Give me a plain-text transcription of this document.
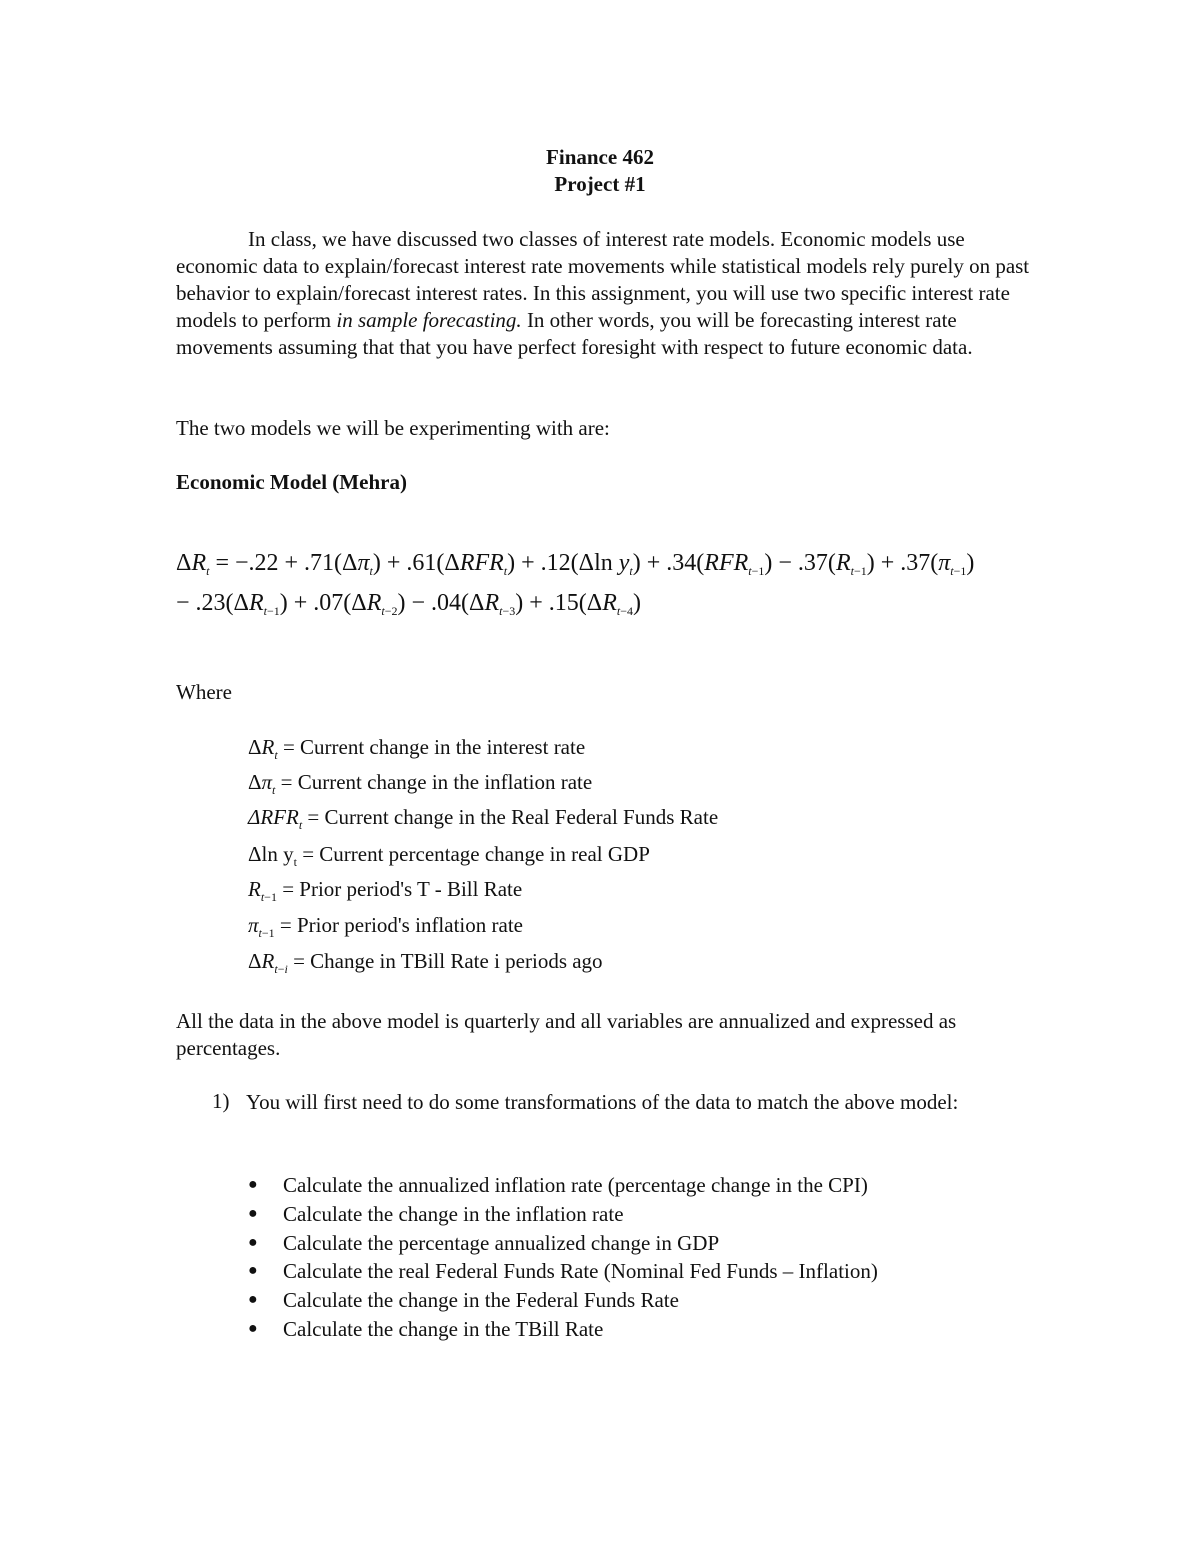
Finance 462
Project #1
In class, we have discussed two classes of interest rate models. Economic models use economic data to explain/forecast interest rate movements while statistical models rely purely on past behavior to explain/forecast interest rates. In this assignment, you will use two specific interest rate models to perform in sample forecasting. In other words, you will be forecasting interest rate movements assuming that that you have perfect foresight with respect to future economic data.
The two models we will be experimenting with are:
Economic Model (Mehra)
$\Delta R_t = -.22 + .71(\Delta\pi_t) + .61(\Delta RFR_t) + .12(\Delta\ln$ $y_t) + .34(RFR_{t-1}) - .37(R_{t-1}) + .37(\pi_{t-1})$
− $.23(\Delta R_{t-1}) + .07(\Delta R_{t-2}) - .04(\Delta R_{t-3}) + .15(\Delta R_{t-4})$
Where
$\Delta R_t$ = Current change in the interest rate
$\Delta\pi_t$ = Current change in the inflation rate
$\Delta RFR_t$ = Current change in the Real Federal Funds Rate
Δln $y_t$ = Current percentage change in real GDP
$R_{t-1}$ = Prior period's T - Bill Rate
$\pi_{t-1}$ = Prior period's inflation rate
$\Delta R_{t-i}$ = Change in TBill Rate i periods ago
All the data in the above model is quarterly and all variables are annualized and expressed as percentages.
1) You will first need to do some transformations of the data to match the above model:
● Calculate the annualized inflation rate (percentage change in the CPI)
● Calculate the change in the inflation rate
● Calculate the percentage annualized change in GDP
● Calculate the real Federal Funds Rate (Nominal Fed Funds – Inflation)
● Calculate the change in the Federal Funds Rate
● Calculate the change in the TBill Rate
